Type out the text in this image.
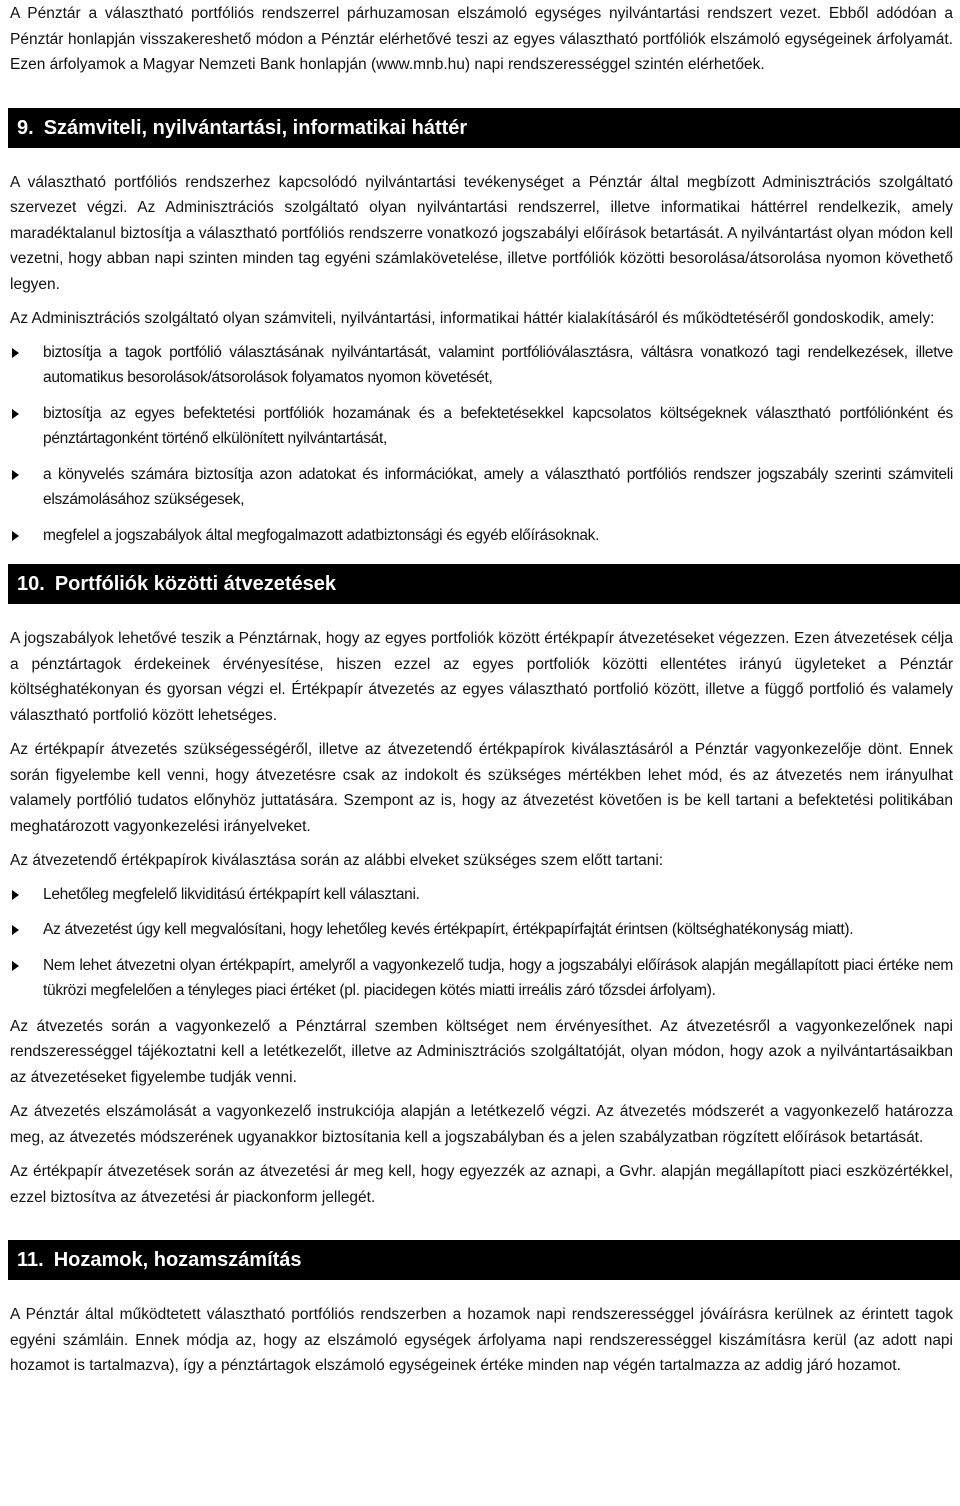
A Pénztár a választható portfóliós rendszerrel párhuzamosan elszámoló egységes nyilvántartási rendszert vezet. Ebből adódóan a Pénztár honlapján visszakereshető módon a Pénztár elérhetővé teszi az egyes választható portfóliók elszámoló egységeinek árfolyamát. Ezen árfolyamok a Magyar Nemzeti Bank honlapján (www.mnb.hu) napi rendszerességgel szintén elérhetőek.

9. Számviteli, nyilvántartási, informatikai háttér

A választható portfóliós rendszerhez kapcsolódó nyilvántartási tevékenységet a Pénztár által megbízott Adminisztrációs szolgáltató szervezet végzi. Az Adminisztrációs szolgáltató olyan nyilvántartási rendszerrel, illetve informatikai háttérrel rendelkezik, amely maradéktalanul biztosítja a választható portfóliós rendszerre vonatkozó jogszabályi előírások betartását. A nyilvántartást olyan módon kell vezetni, hogy abban napi szinten minden tag egyéni számlakövetelése, illetve portfóliók közötti besorolása/átsorolása nyomon követhető legyen.

Az Adminisztrációs szolgáltató olyan számviteli, nyilvántartási, informatikai háttér kialakításáról és működtetéséről gondoskodik, amely:

biztosítja a tagok portfólió választásának nyilvántartását, valamint portfólióválasztásra, váltásra vonatkozó tagi rendelkezések, illetve automatikus besorolások/átsorolások folyamatos nyomon követését,
biztosítja az egyes befektetési portfóliók hozamának és a befektetésekkel kapcsolatos költségeknek választható portfóliónként és pénztártagonként történő elkülönített nyilvántartását,
a könyvelés számára biztosítja azon adatokat és információkat, amely a választható portfóliós rendszer jogszabály szerinti számviteli elszámolásához szükségesek,
megfelel a jogszabályok által megfogalmazott adatbiztonsági és egyéb előírásoknak.
10. Portfóliók közötti átvezetések

A jogszabályok lehetővé teszik a Pénztárnak, hogy az egyes portfoliók között értékpapír átvezetéseket végezzen. Ezen átvezetések célja a pénztártagok érdekeinek érvényesítése, hiszen ezzel az egyes portfoliók közötti ellentétes irányú ügyleteket a Pénztár költséghatékonyan és gyorsan végzi el. Értékpapír átvezetés az egyes választható portfolió között, illetve a függő portfolió és valamely választható portfolió között lehetséges.

Az értékpapír átvezetés szükségességéről, illetve az átvezetendő értékpapírok kiválasztásáról a Pénztár vagyonkezelője dönt. Ennek során figyelembe kell venni, hogy átvezetésre csak az indokolt és szükséges mértékben lehet mód, és az átvezetés nem irányulhat valamely portfólió tudatos előnyhöz juttatására. Szempont az is, hogy az átvezetést követően is be kell tartani a befektetési politikában meghatározott vagyonkezelési irányelveket.

Az átvezetendő értékpapírok kiválasztása során az alábbi elveket szükséges szem előtt tartani:

Lehetőleg megfelelő likviditású értékpapírt kell választani.
Az átvezetést úgy kell megvalósítani, hogy lehetőleg kevés értékpapírt, értékpapírfajtát érintsen (költséghatékonyság miatt).
Nem lehet átvezetni olyan értékpapírt, amelyről a vagyonkezelő tudja, hogy a jogszabályi előírások alapján megállapított piaci értéke nem tükrözi megfelelően a tényleges piaci értéket (pl. piacidegen kötés miatti irreális záró tőzsdei árfolyam).

Az átvezetés során a vagyonkezelő a Pénztárral szemben költséget nem érvényesíthet. Az átvezetésről a vagyonkezelőnek napi rendszerességgel tájékoztatni kell a letétkezelőt, illetve az Adminisztrációs szolgáltatóját, olyan módon, hogy azok a nyilvántartásaikban az átvezetéseket figyelembe tudják venni.

Az átvezetés elszámolását a vagyonkezelő instrukciója alapján a letétkezelő végzi. Az átvezetés módszerét a vagyonkezelő határozza meg, az átvezetés módszerének ugyanakkor biztosítania kell a jogszabályban és a jelen szabályzatban rögzített előírások betartását.

Az értékpapír átvezetések során az átvezetési ár meg kell, hogy egyezzék az aznapi, a Gvhr. alapján megállapított piaci eszközértékkel, ezzel biztosítva az átvezetési ár piackonform jellegét.

11. Hozamok, hozamszámítás

A Pénztár által működtetett választható portfóliós rendszerben a hozamok napi rendszerességgel jóváírásra kerülnek az érintett tagok egyéni számláin. Ennek módja az, hogy az elszámoló egységek árfolyama napi rendszerességgel kiszámításra kerül (az adott napi hozamot is tartalmazva), így a pénztártagok elszámoló egységeinek értéke minden nap végén tartalmazza az addig járó hozamot.
